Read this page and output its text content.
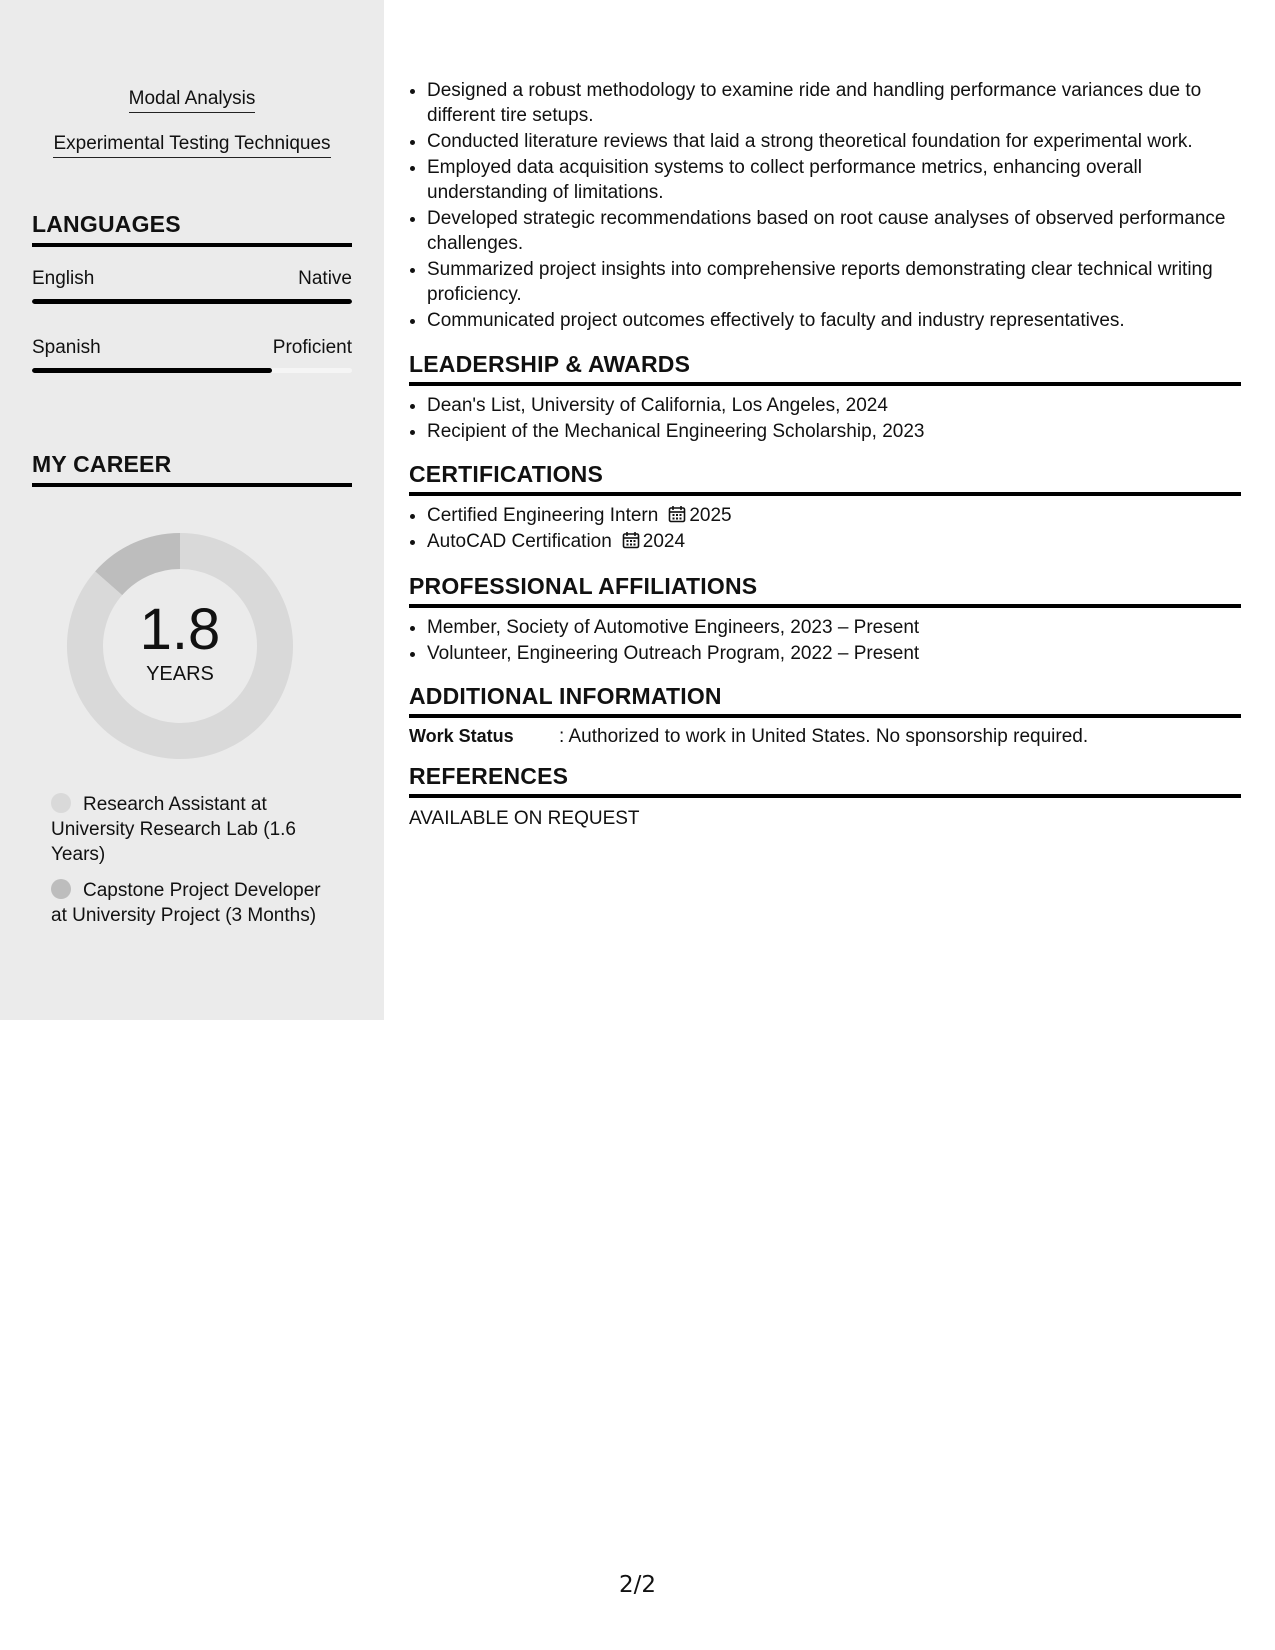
Modal Analysis
Experimental Testing Techniques
LANGUAGES
English	Native
Spanish	Proficient
MY CAREER
1.8
YEARS
Research Assistant at University Research Lab (1.6 Years)
Capstone Project Developer at University Project (3 Months)
• Designed a robust methodology to examine ride and handling performance variances due to different tire setups.
• Conducted literature reviews that laid a strong theoretical foundation for experimental work.
• Employed data acquisition systems to collect performance metrics, enhancing overall understanding of limitations.
• Developed strategic recommendations based on root cause analyses of observed performance challenges.
• Summarized project insights into comprehensive reports demonstrating clear technical writing proficiency.
• Communicated project outcomes effectively to faculty and industry representatives.
LEADERSHIP & AWARDS
• Dean's List, University of California, Los Angeles, 2024
• Recipient of the Mechanical Engineering Scholarship, 2023
CERTIFICATIONS
• Certified Engineering Intern 2025
• AutoCAD Certification 2024
PROFESSIONAL AFFILIATIONS
• Member, Society of Automotive Engineers, 2023 – Present
• Volunteer, Engineering Outreach Program, 2022 – Present
ADDITIONAL INFORMATION
Work Status	: Authorized to work in United States. No sponsorship required.
REFERENCES
AVAILABLE ON REQUEST
2/2
